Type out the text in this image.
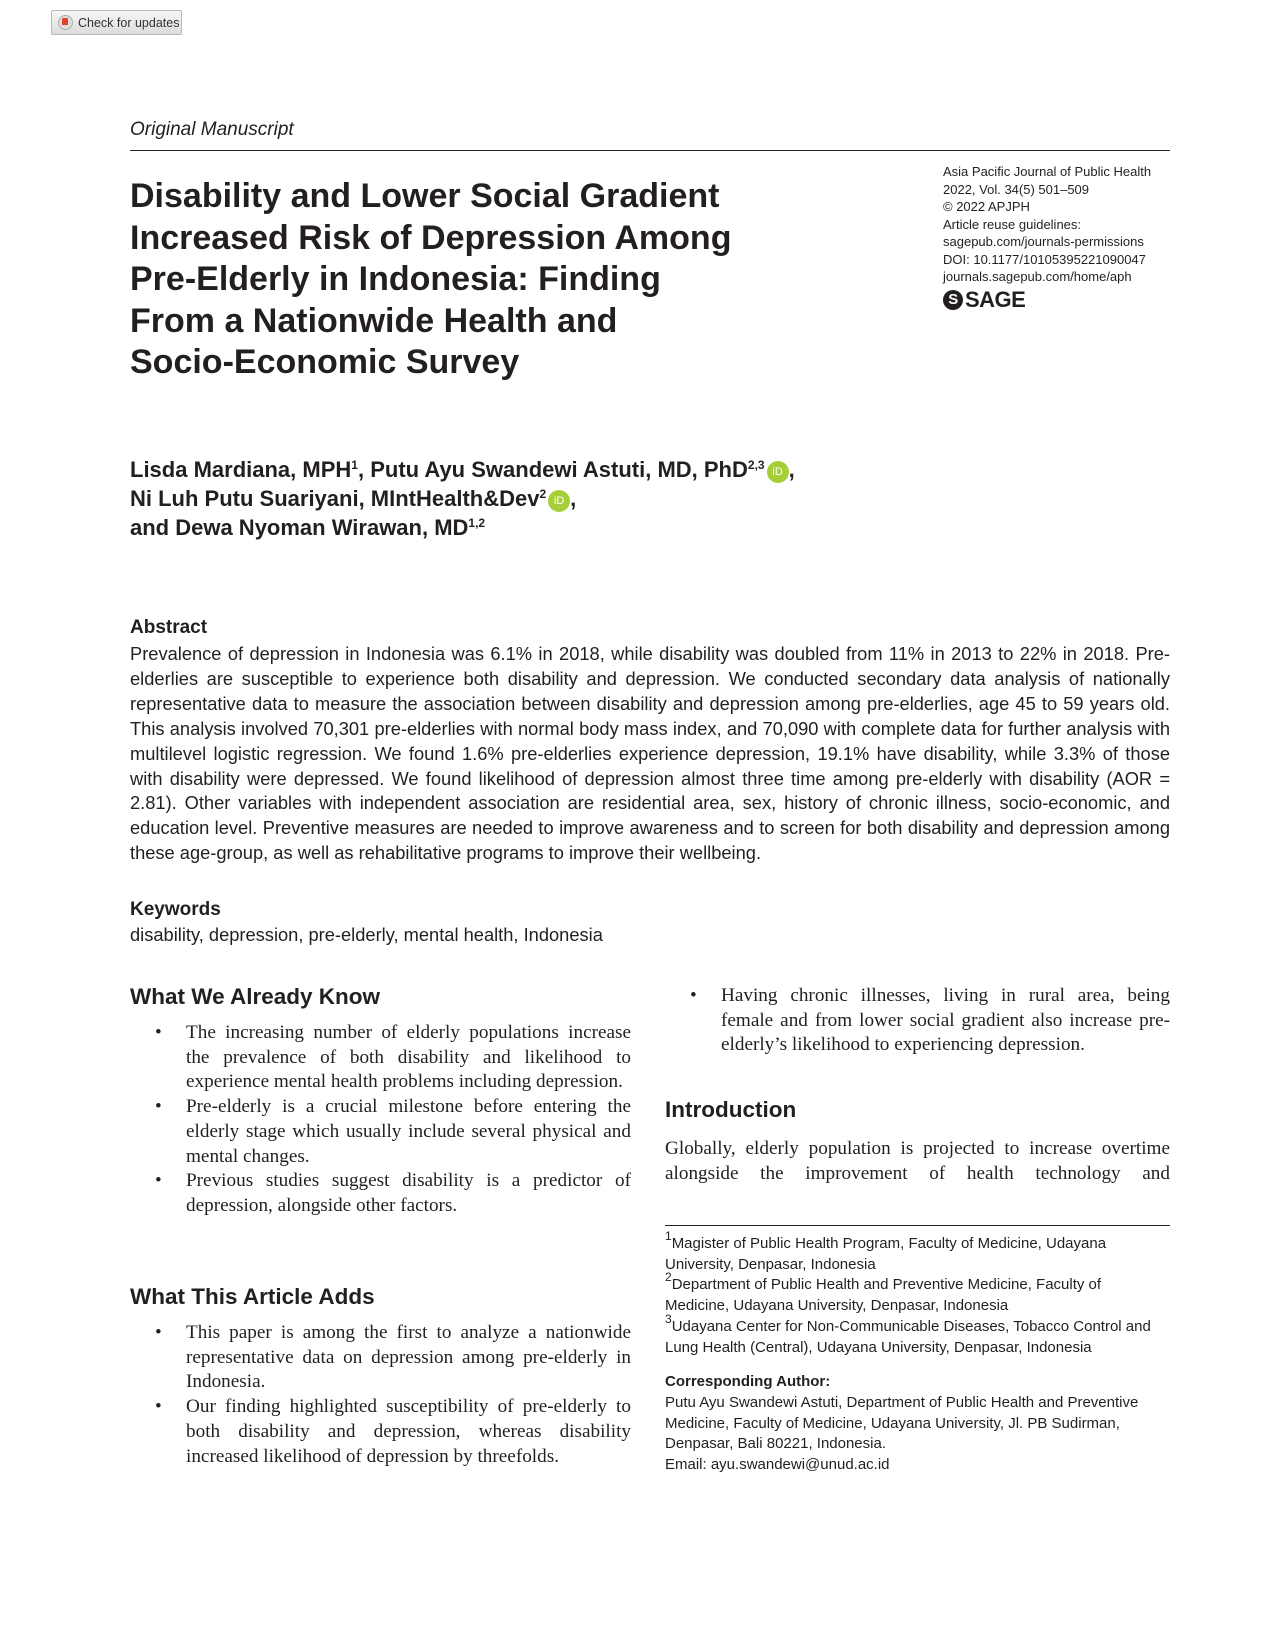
Check for updates
Original Manuscript
Disability and Lower Social Gradient
Increased Risk of Depression Among
Pre-Elderly in Indonesia: Finding
From a Nationwide Health and
Socio-Economic Survey
Asia Pacific Journal of Public Health
2022, Vol. 34(5) 501–509
© 2022 APJPH
Article reuse guidelines:
sagepub.com/journals-permissions
DOI: 10.1177/10105395221090047
journals.sagepub.com/home/aph
S SAGE
Lisda Mardiana, MPH$^1$, Putu Ayu Swandewi Astuti, MD, PhD$^{2,3}$ iD ,
Ni Luh Putu Suariyani, MIntHealth&Dev$^2$ iD ,
and Dewa Nyoman Wirawan, MD$^{1,2}$
Abstract
Prevalence of depression in Indonesia was 6.1% in 2018, while disability was doubled from 11% in 2013 to 22% in 2018. Pre-elderlies are susceptible to experience both disability and depression. We conducted secondary data analysis of nationally representative data to measure the association between disability and depression among pre-elderlies, age 45 to 59 years old. This analysis involved 70,301 pre-elderlies with normal body mass index, and 70,090 with complete data for further analysis with multilevel logistic regression. We found 1.6% pre-elderlies experience depression, 19.1% have disability, while 3.3% of those with disability were depressed. We found likelihood of depression almost three time among pre-elderly with disability (AOR = 2.81). Other variables with independent association are residential area, sex, history of chronic illness, socio-economic, and education level. Preventive measures are needed to improve awareness and to screen for both disability and depression among these age-group, as well as rehabilitative programs to improve their wellbeing.
Keywords
disability, depression, pre-elderly, mental health, Indonesia
What We Already Know
• The increasing number of elderly populations increase the prevalence of both disability and likelihood to experience mental health problems including depression.
• Pre-elderly is a crucial milestone before entering the elderly stage which usually include several physical and mental changes.
• Previous studies suggest disability is a predictor of depression, alongside other factors.
What This Article Adds
• This paper is among the first to analyze a nationwide representative data on depression among pre-elderly in Indonesia.
• Our finding highlighted susceptibility of pre-elderly to both disability and depression, whereas disability increased likelihood of depression by threefolds.
• Having chronic illnesses, living in rural area, being female and from lower social gradient also increase pre-elderly’s likelihood to experiencing depression.
Introduction
Globally, elderly population is projected to increase overtime alongside the improvement of health technology and
$^1$Magister of Public Health Program, Faculty of Medicine, Udayana
University, Denpasar, Indonesia
$^2$Department of Public Health and Preventive Medicine, Faculty of
Medicine, Udayana University, Denpasar, Indonesia
$^3$Udayana Center for Non-Communicable Diseases, Tobacco Control and
Lung Health (Central), Udayana University, Denpasar, Indonesia
Corresponding Author:
Putu Ayu Swandewi Astuti, Department of Public Health and Preventive
Medicine, Faculty of Medicine, Udayana University, Jl. PB Sudirman,
Denpasar, Bali 80221, Indonesia.
Email: ayu.swandewi@unud.ac.id
